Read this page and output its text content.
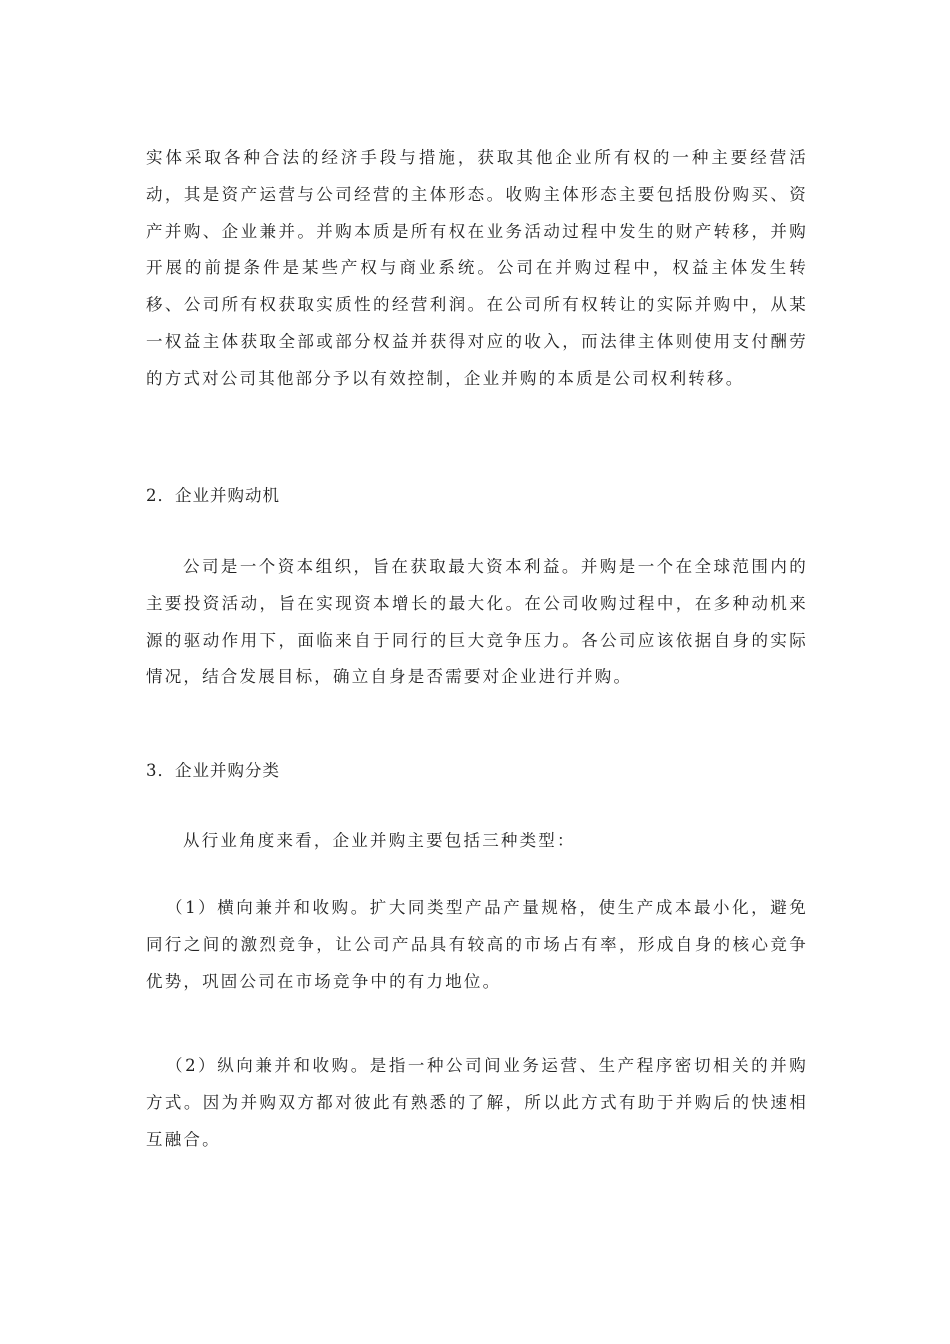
实体采取各种合法的经济手段与措施，获取其他企业所有权的一种主要经营活动，其是资产运营与公司经营的主体形态。收购主体形态主要包括股份购买、资产并购、企业兼并。并购本质是所有权在业务活动过程中发生的财产转移，并购开展的前提条件是某些产权与商业系统。公司在并购过程中，权益主体发生转移、公司所有权获取实质性的经营利润。在公司所有权转让的实际并购中，从某一权益主体获取全部或部分权益并获得对应的收入，而法律主体则使用支付酬劳的方式对公司其他部分予以有效控制，企业并购的本质是公司权利转移。

2．企业并购动机

公司是一个资本组织，旨在获取最大资本利益。并购是一个在全球范围内的主要投资活动，旨在实现资本增长的最大化。在公司收购过程中，在多种动机来源的驱动作用下，面临来自于同行的巨大竞争压力。各公司应该依据自身的实际情况，结合发展目标，确立自身是否需要对企业进行并购。

3．企业并购分类

从行业角度来看，企业并购主要包括三种类型：

（1）横向兼并和收购。扩大同类型产品产量规格，使生产成本最小化，避免同行之间的激烈竞争，让公司产品具有较高的市场占有率，形成自身的核心竞争优势，巩固公司在市场竞争中的有力地位。

（2）纵向兼并和收购。是指一种公司间业务运营、生产程序密切相关的并购方式。因为并购双方都对彼此有熟悉的了解，所以此方式有助于并购后的快速相互融合。
